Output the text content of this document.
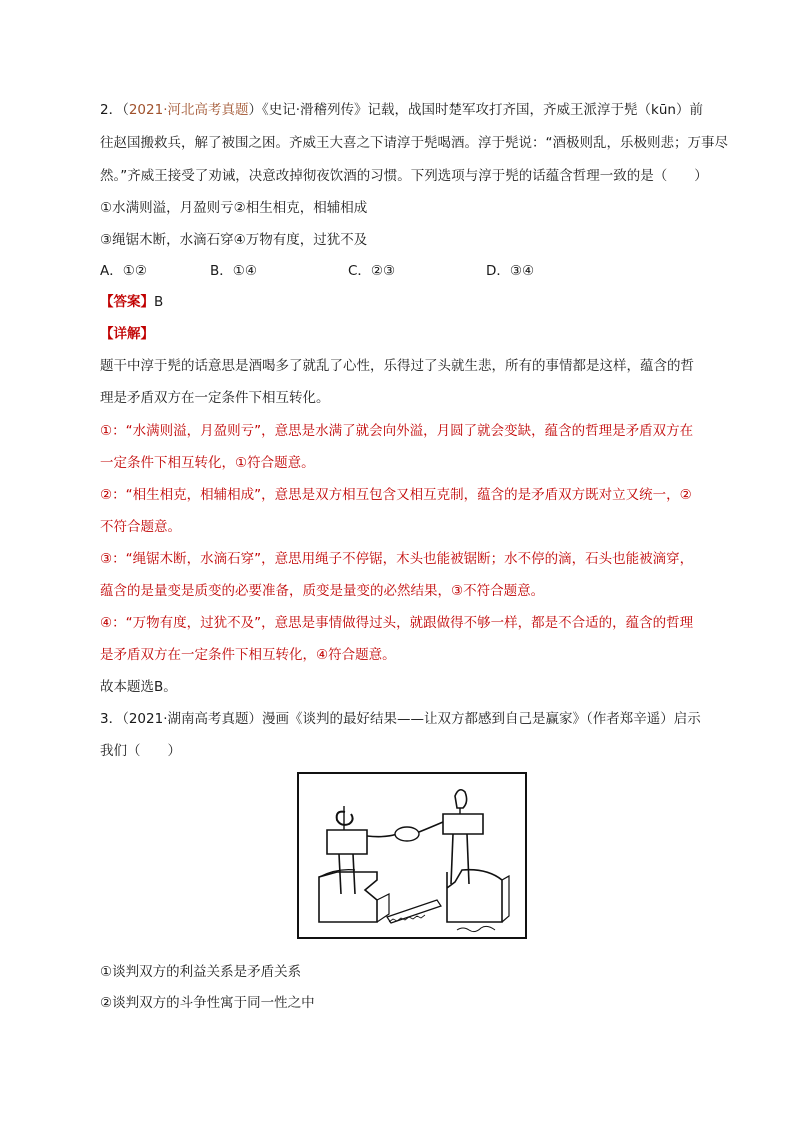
2．（2021·河北高考真题）《史记·滑稽列传》记载，战国时楚军攻打齐国，齐威王派淳于髡（kūn）前
往赵国搬救兵，解了被围之困。齐威王大喜之下请淳于髡喝酒。淳于髡说：“酒极则乱，乐极则悲；万事尽
然。”齐威王接受了劝诫，决意改掉彻夜饮酒的习惯。下列选项与淳于髡的话蕴含哲理一致的是（　　）
①水满则溢，月盈则亏②相生相克，相辅相成
③绳锯木断，水滴石穿④万物有度，过犹不及
A．①②	B．①④	C．②③	D．③④
【答案】B
【详解】
题干中淳于髡的话意思是酒喝多了就乱了心性，乐得过了头就生悲，所有的事情都是这样，蕴含的哲
理是矛盾双方在一定条件下相互转化。
①：“水满则溢，月盈则亏”，意思是水满了就会向外溢，月圆了就会变缺，蕴含的哲理是矛盾双方在
一定条件下相互转化，①符合题意。
②：“相生相克，相辅相成”，意思是双方相互包含又相互克制，蕴含的是矛盾双方既对立又统一，②
不符合题意。
③：“绳锯木断，水滴石穿”，意思用绳子不停锯，木头也能被锯断；水不停的滴，石头也能被滴穿，
蕴含的是量变是质变的必要准备，质变是量变的必然结果，③不符合题意。
④：“万物有度，过犹不及”，意思是事情做得过头，就跟做得不够一样，都是不合适的，蕴含的哲理
是矛盾双方在一定条件下相互转化，④符合题意。
故本题选B。
3．（2021·湖南高考真题）漫画《谈判的最好结果——让双方都感到自己是赢家》（作者郑辛遥）启示
我们（　　）
①谈判双方的利益关系是矛盾关系
②谈判双方的斗争性寓于同一性之中
